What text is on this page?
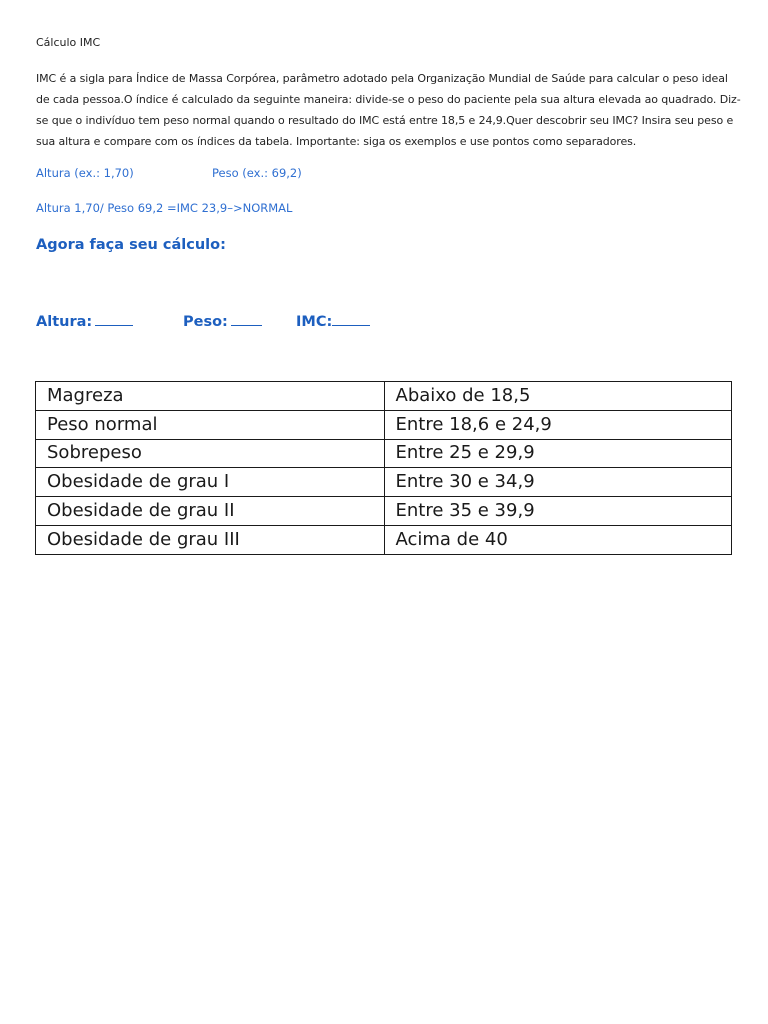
Cálculo IMC
IMC é a sigla para Índice de Massa Corpórea, parâmetro adotado pela Organização Mundial de Saúde para calcular o peso ideal
de cada pessoa.O índice é calculado da seguinte maneira: divide-se o peso do paciente pela sua altura elevada ao quadrado. Diz-
se que o indivíduo tem peso normal quando o resultado do IMC está entre 18,5 e 24,9.Quer descobrir seu IMC? Insira seu peso e
sua altura e compare com os índices da tabela. Importante: siga os exemplos e use pontos como separadores.
Altura (ex.: 1,70)	Peso (ex.: 69,2)
Altura 1,70/ Peso 69,2 =IMC 23,9–>NORMAL
Agora faça seu cálculo:
Altura:	Peso:	IMC:
Magreza	Abaixo de 18,5
Peso normal	Entre 18,6 e 24,9
Sobrepeso	Entre 25 e 29,9
Obesidade de grau I	Entre 30 e 34,9
Obesidade de grau II	Entre 35 e 39,9
Obesidade de grau III	Acima de 40
